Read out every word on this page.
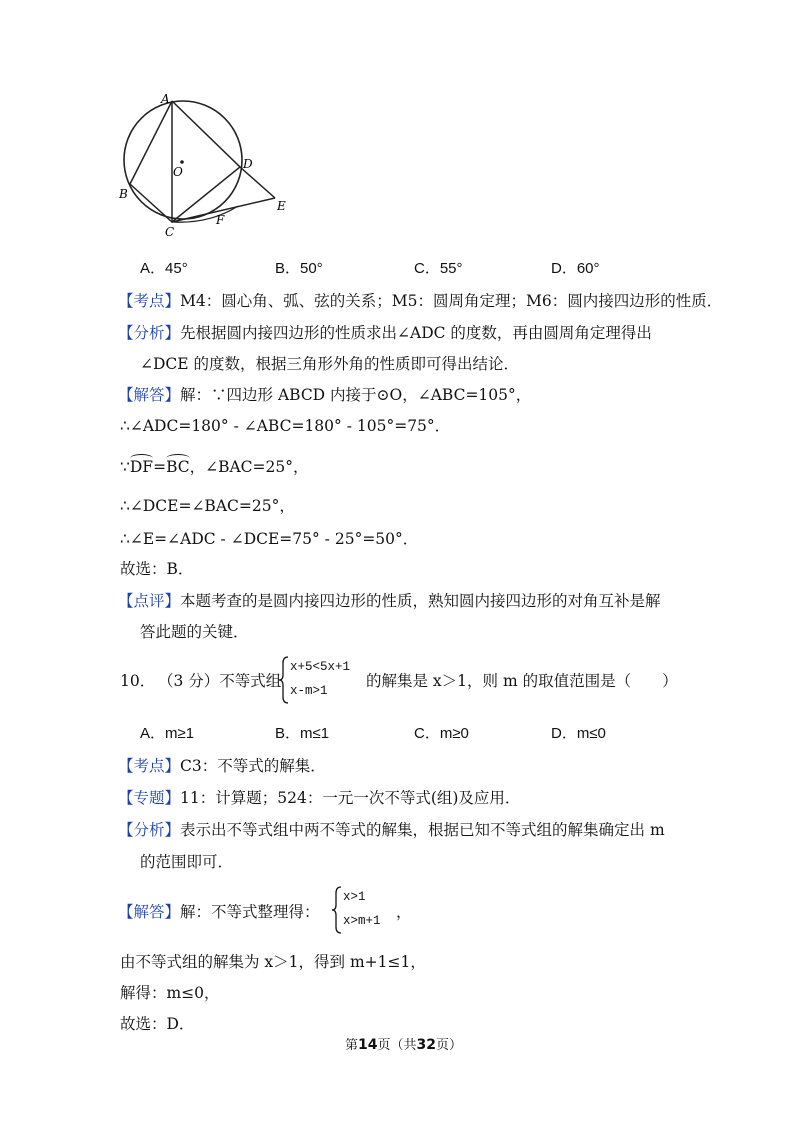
A
B
C
D
E
F
O
A．45°	B．50°	C．55°	D．60°
【考点】M4：圆心角、弧、弦的关系；M5：圆周角定理；M6：圆内接四边形的性质．
【分析】先根据圆内接四边形的性质求出∠ADC 的度数，再由圆周角定理得出
∠DCE 的度数，根据三角形外角的性质即可得出结论．
【解答】解：∵四边形 ABCD 内接于⊙O，∠ABC=105°，
∴∠ADC=180° - ∠ABC=180° - 105°=75°．
∵DF=BC，∠BAC=25°，
∴∠DCE=∠BAC=25°，
∴∠E=∠ADC - ∠DCE=75° - 25°=50°．
故选：B．
【点评】本题考查的是圆内接四边形的性质，熟知圆内接四边形的对角互补是解
答此题的关键．
10． （3 分）不等式组
x+5<5x+1
x-m>1
的解集是 x＞1，则 m 的取值范围是（　　）
A．m≥1	B．m≤1	C．m≥0	D．m≤0
【考点】C3：不等式的解集．
【专题】11：计算题；524：一元一次不等式(组)及应用．
【分析】表示出不等式组中两不等式的解集，根据已知不等式组的解集确定出 m
的范围即可．
【解答】解：不等式整理得：
x>1
x>m+1 ，
由不等式组的解集为 x＞1，得到 m+1≤1，
解得：m≤0，
故选：D．
第14页（共32页）
